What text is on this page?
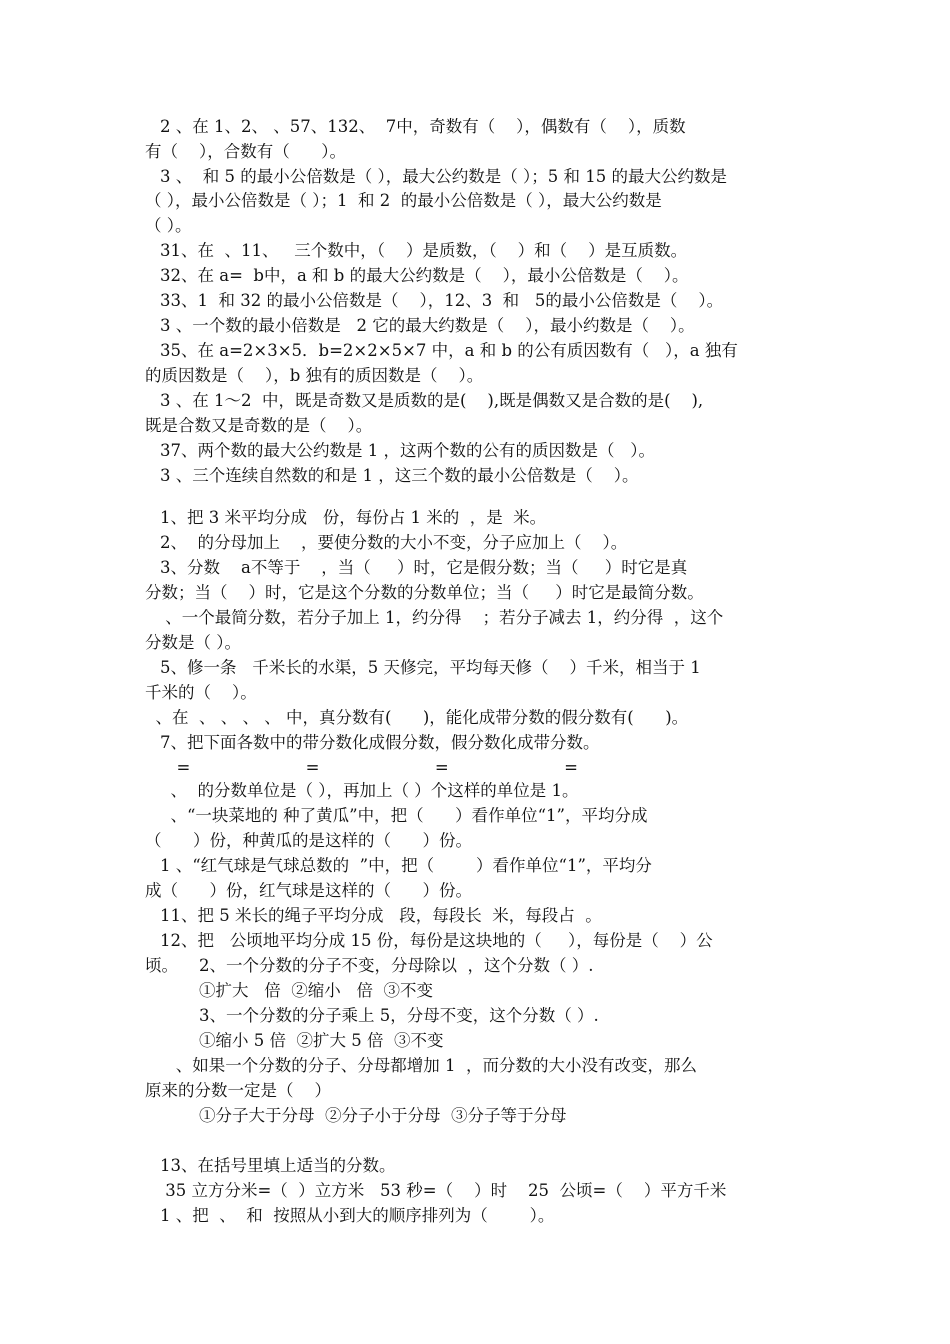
2 、在 1、2、 、57、132、  7中，奇数有（    ），偶数有（    ），质数
有（    ），合数有（      ）。
3 、  和 5 的最小公倍数是（ ），最大公约数是（ ）；5 和 15 的最大公约数是
（ ），最小公倍数是（ ）；1  和 2  的最小公倍数是（ ），最大公约数是
（ ）。
31、在  、11、   三个数中，（    ）是质数，（    ）和（    ）是互质数。
32、在 a=  b中，a 和 b 的最大公约数是（    ），最小公倍数是（    ）。
33、1  和 32 的最小公倍数是（    ），12、3  和   5的最小公倍数是（    ）。
3 、一个数的最小倍数是   2 它的最大约数是（    ），最小约数是（    ）。
35、在 a=2×3×5．b=2×2×5×7 中，a 和 b 的公有质因数有（   ），a 独有
的质因数是（    ），b 独有的质因数是（    ）。
3 、在 1～2  中，既是奇数又是质数的是(    ),既是偶数又是合数的是(    ),
既是合数又是奇数的是（    ）。
37、两个数的最大公约数是 1 ，这两个数的公有的质因数是（   ）。
3 、三个连续自然数的和是 1 ，这三个数的最小公倍数是（    ）。
1、把 3 米平均分成   份，每份占 1 米的  ，是  米。
2、  的分母加上    ，要使分数的大小不变，分子应加上（    ）。
3、分数    a不等于    ，当（     ）时，它是假分数；当（     ）时它是真
分数；当（    ）时，它是这个分数的分数单位；当（     ）时它是最简分数。
、一个最简分数，若分子加上 1，约分得    ；若分子减去 1，约分得  ，这个
分数是（ ）。
5、修一条   千米长的水渠，5 天修完，平均每天修（    ）千米，相当于 1
千米的（    ）。
、在  、 、 、 、 中，真分数有(      )，能化成带分数的假分数有(      )。
7、把下面各数中的带分数化成假分数，假分数化成带分数。
=                      =                      =                      =
、  的分数单位是（ ），再加上（ ）个这样的单位是 1。
、“一块菜地的 种了黄瓜”中，把（      ）看作单位“1”，平均分成
（      ）份，种黄瓜的是这样的（      ）份。
1 、“红气球是气球总数的  ”中，把（        ）看作单位“1”，平均分
成（      ）份，红气球是这样的（      ）份。
11、把 5 米长的绳子平均分成   段，每段长  米，每段占  。
12、把   公顷地平均分成 15 份，每份是这块地的（     ），每份是（    ）公
顷。    2、一个分数的分子不变，分母除以  ，这个分数（ ）.
①扩大   倍  ②缩小   倍  ③不变
3、一个分数的分子乘上 5，分母不变，这个分数（ ）.
①缩小 5 倍  ②扩大 5 倍  ③不变
、如果一个分数的分子、分母都增加 1  ，而分数的大小没有改变，那么
原来的分数一定是（    ）
①分子大于分母  ②分子小于分母  ③分子等于分母
13、在括号里填上适当的分数。
35 立方分米=（  ）立方米   53 秒=（    ）时    25  公顷=（    ）平方千米
1 、把  、  和  按照从小到大的顺序排列为（        ）。
